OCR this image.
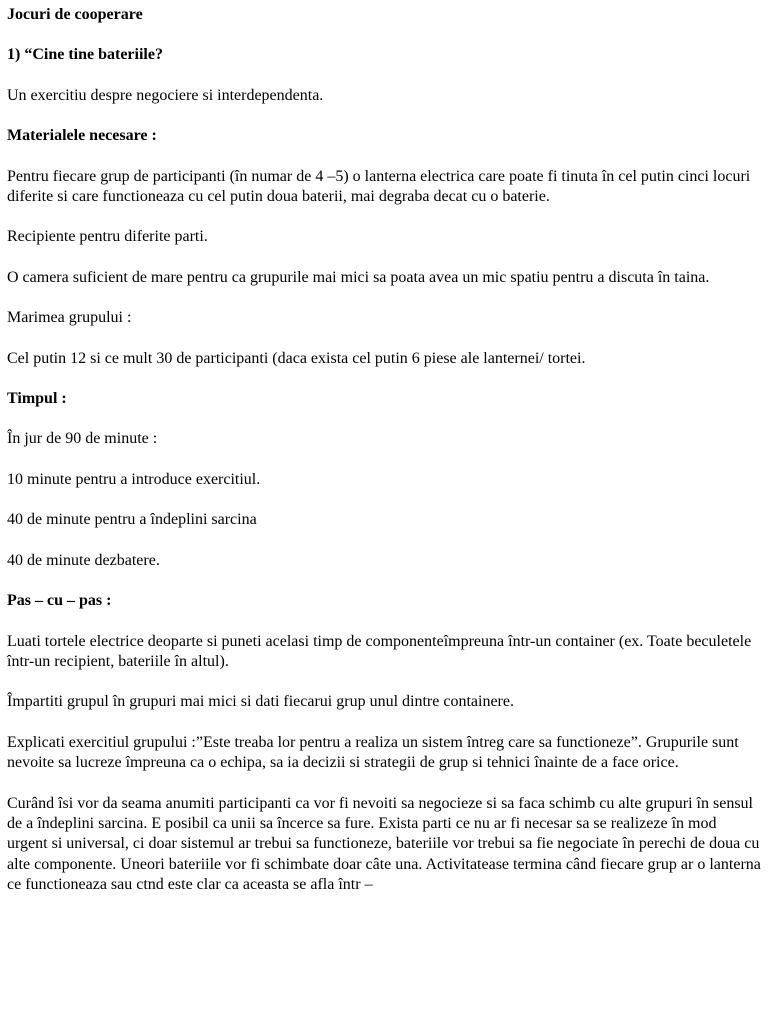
Jocuri de cooperare

1) “Cine tine bateriile?

Un exercitiu despre negociere si interdependenta.

Materialele necesare :

Pentru fiecare grup de participanti (în numar de 4 –5) o lanterna electrica care poate fi tinuta în cel putin cinci locuri diferite si care functioneaza cu cel putin doua baterii, mai degraba decat cu o baterie.

Recipiente pentru diferite parti.

O camera suficient de mare pentru ca grupurile mai mici sa poata avea un mic spatiu pentru a discuta în taina.

Marimea grupului :

Cel putin 12 si ce mult 30 de participanti (daca exista cel putin 6 piese ale lanternei/ tortei.

Timpul :

În jur de 90 de minute :

10 minute pentru a introduce exercitiul.

40 de minute pentru a îndeplini sarcina

40 de minute dezbatere.

Pas – cu – pas :

Luati tortele electrice deoparte si puneti acelasi timp de componenteîmpreuna într-un container (ex. Toate beculetele într-un recipient, bateriile în altul).

Împartiti grupul în grupuri mai mici si dati fiecarui grup unul dintre containere.

Explicati exercitiul grupului :”Este treaba lor pentru a realiza un sistem întreg care sa functioneze”. Grupurile sunt nevoite sa lucreze împreuna ca o echipa, sa ia decizii si strategii de grup si tehnici înainte de a face orice.

Curând îsi vor da seama anumiti participanti ca vor fi nevoiti sa negocieze si sa faca schimb cu alte grupuri în sensul de a îndeplini sarcina. E posibil ca unii sa încerce sa fure. Exista parti ce nu ar fi necesar sa se realizeze în mod urgent si universal, ci doar sistemul ar trebui sa functioneze, bateriile vor trebui sa fie negociate în perechi de doua cu alte componente. Uneori bateriile vor fi schimbate doar câte una. Activitatease termina când fiecare grup ar o lanterna ce functioneaza sau ctnd este clar ca aceasta se afla într –
